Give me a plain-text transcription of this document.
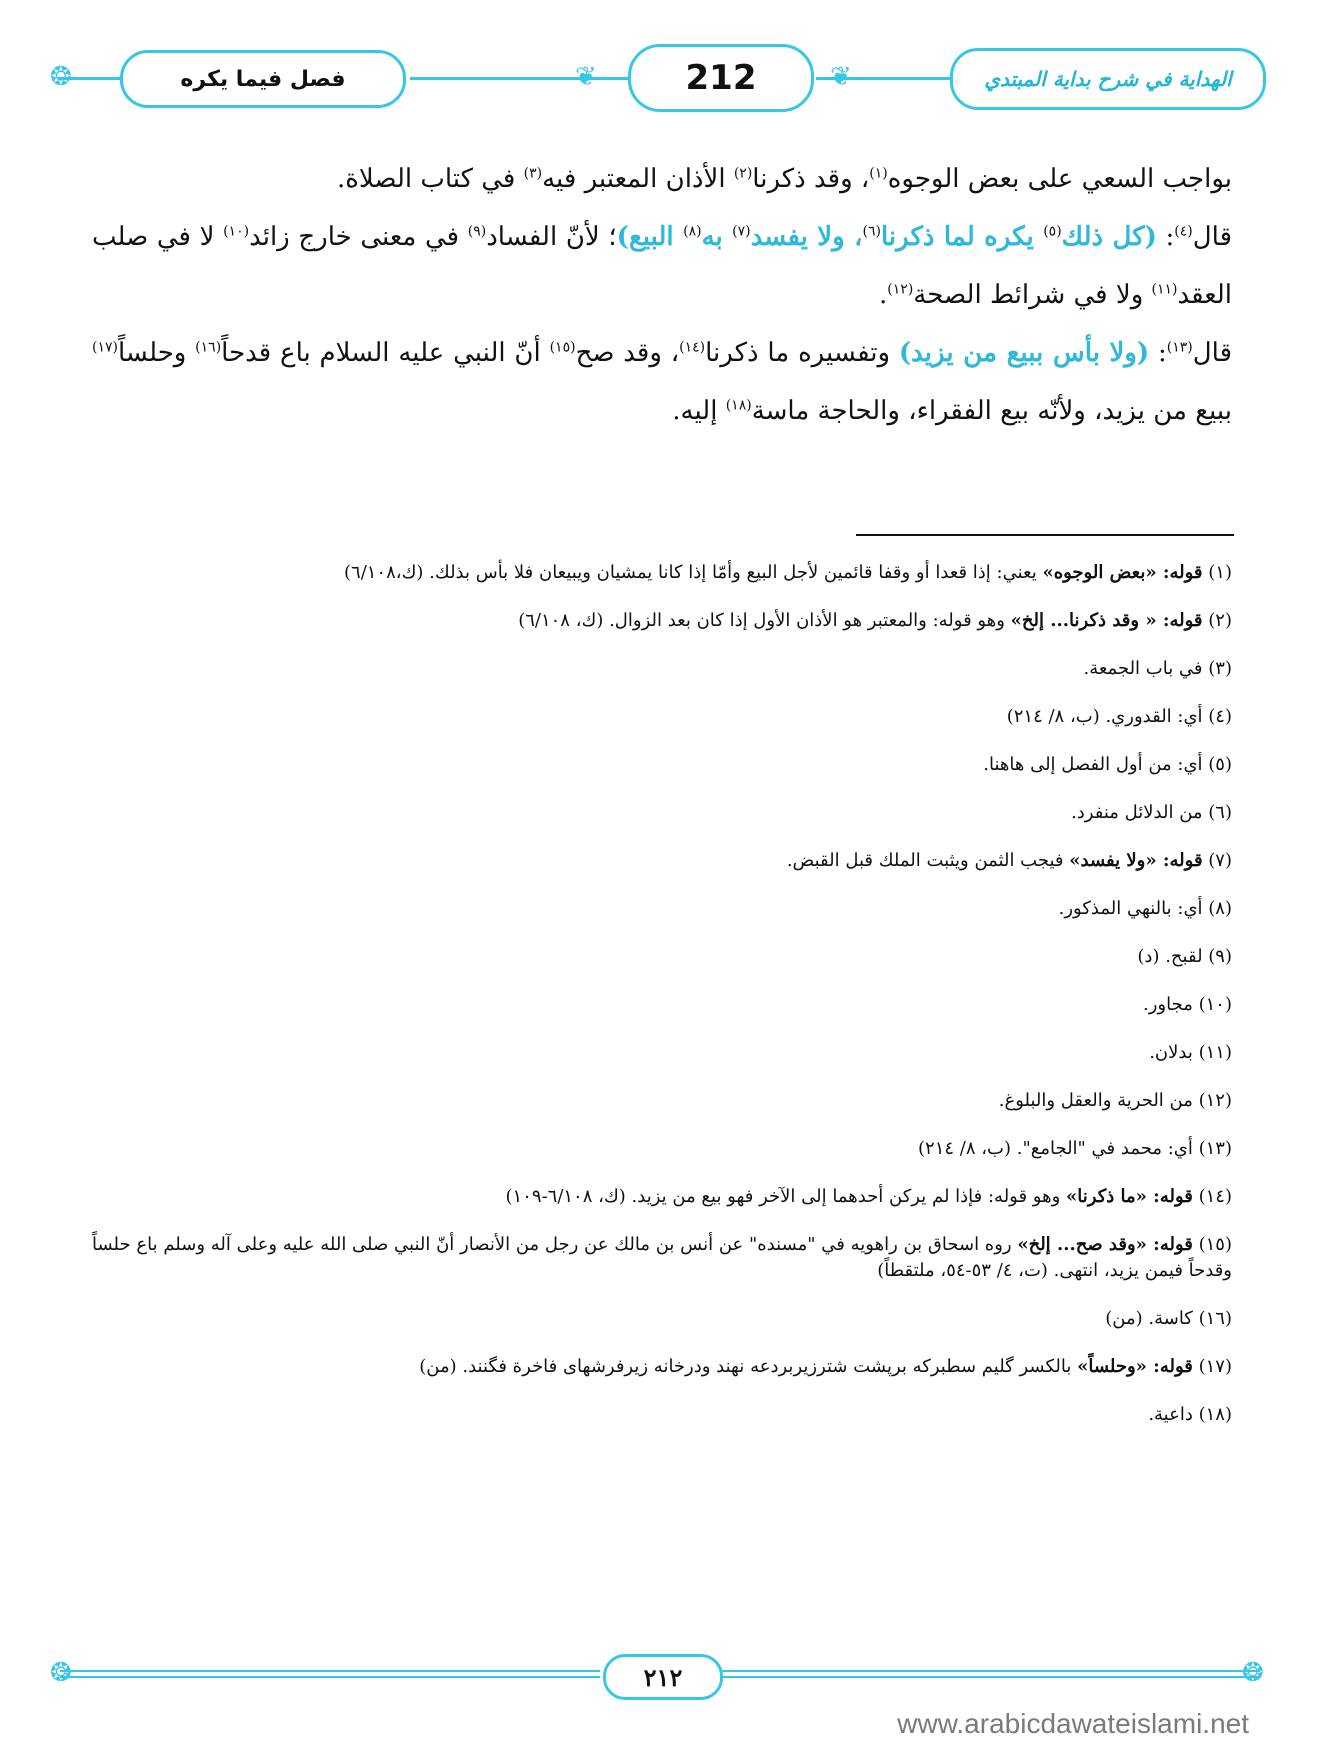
❂	❦	❦
فصل فيما يكره	212	الهداية في شرح بداية المبتدي

بواجب السعي على بعض الوجوه$^{(١)}$، وقد ذكرنا$^{(٢)}$ الأذان المعتبر فيه$^{(٣)}$ في كتاب الصلاة.

قال$^{(٤)}$: (كل ذلك$^{(٥)}$ يكره لما ذكرنا$^{(٦)}$، ولا يفسد$^{(٧)}$ به$^{(٨)}$ البيع)؛ لأنّ الفساد$^{(٩)}$ في معنى خارج زائد$^{(١٠)}$ لا في صلب العقد$^{(١١)}$ ولا في شرائط الصحة$^{(١٢)}$.

قال$^{(١٣)}$: (ولا بأس ببيع من يزيد) وتفسيره ما ذكرنا$^{(١٤)}$، وقد صح$^{(١٥)}$ أنّ النبي عليه السلام باع قدحاً$^{(١٦)}$ وحلساً$^{(١٧)}$ ببيع من يزيد، ولأنّه بيع الفقراء، والحاجة ماسة$^{(١٨)}$ إليه.

(١) قوله: «بعض الوجوه» يعني: إذا قعدا أو وقفا قائمين لأجل البيع وأمّا إذا كانا يمشيان ويبيعان فلا بأس بذلك. (ك،٦/١٠٨)

(٢) قوله: « وقد ذكرنا... إلخ» وهو قوله: والمعتبر هو الأذان الأول إذا كان بعد الزوال. (ك، ٦/١٠٨)

(٣) في باب الجمعة.

(٤) أي: القدوري. (ب، ٨/ ٢١٤)

(٥) أي: من أول الفصل إلى هاهنا.

(٦) من الدلائل منفرد.

(٧) قوله: «ولا يفسد» فيجب الثمن ويثبت الملك قبل القبض.

(٨) أي: بالنهي المذكور.

(٩) لقبح. (د)

(١٠) مجاور.

(١١) بدلان.

(١٢) من الحرية والعقل والبلوغ.

(١٣) أي: محمد في "الجامع". (ب، ٨/ ٢١٤)

(١٤) قوله: «ما ذكرنا» وهو قوله: فإذا لم يركن أحدهما إلى الآخر فهو بيع من يزيد. (ك، ٦/١٠٨-١٠٩)

(١٥) قوله: «وقد صح... إلخ» روه اسحاق بن راهويه في "مسنده" عن أنس بن مالك عن رجل من الأنصار أنّ النبي صلى الله عليه وعلى آله وسلم باع حلساً وقدحاً فيمن يزيد، انتهى. (ت، ٤/ ٥٣-٥٤، ملتقطاً)

(١٦) كاسة. (من)

(١٧) قوله: «وحلساً» بالكسر گليم سطبركه برپشت شترزيربردعه نهند ودرخانه زيرفرشهاى فاخرة فگنند. (من)

(١٨) داعية.

❂	❂
٢١٢
www.arabicdawateislami.net
